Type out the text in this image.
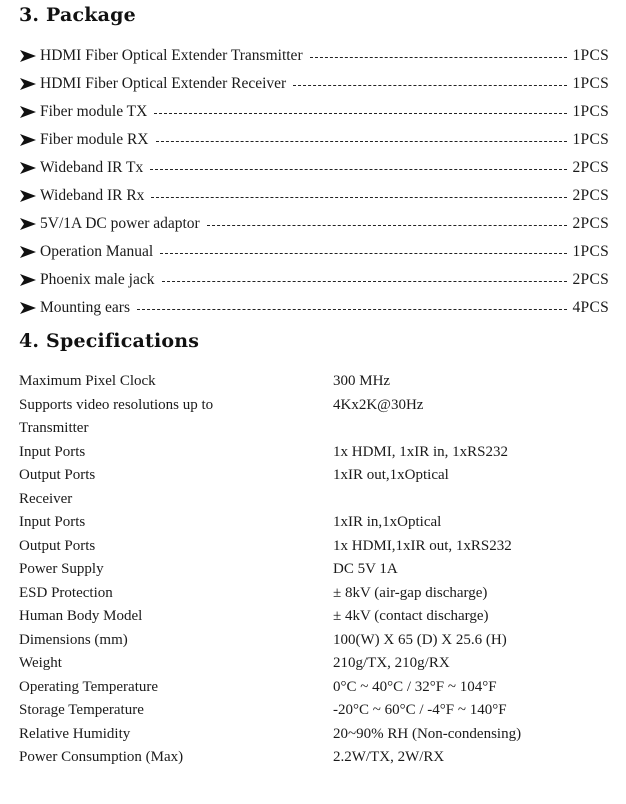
3. Package
HDMI Fiber Optical Extender Transmitter	1PCS
HDMI Fiber Optical Extender Receiver	1PCS
Fiber module TX	1PCS
Fiber module RX	1PCS
Wideband IR Tx	2PCS
Wideband IR Rx	2PCS
5V/1A DC power adaptor	2PCS
Operation Manual	1PCS
Phoenix male jack	2PCS
Mounting ears	4PCS
4. Specifications
Maximum Pixel Clock	300 MHz
Supports video resolutions up to	4Kx2K@30Hz
Transmitter
Input Ports	1x HDMI, 1xIR in, 1xRS232
Output Ports	1xIR out,1xOptical
Receiver
Input Ports	1xIR in,1xOptical
Output Ports	1x HDMI,1xIR out, 1xRS232
Power Supply	DC 5V 1A
ESD Protection	± 8kV (air-gap discharge)
Human Body Model	± 4kV (contact discharge)
Dimensions (mm)	100(W) X 65 (D) X 25.6 (H)
Weight	210g/TX, 210g/RX
Operating Temperature	0°C ~ 40°C / 32°F ~ 104°F
Storage Temperature	-20°C ~ 60°C / -4°F ~ 140°F
Relative Humidity	20~90% RH (Non-condensing)
Power Consumption (Max)	2.2W/TX, 2W/RX
